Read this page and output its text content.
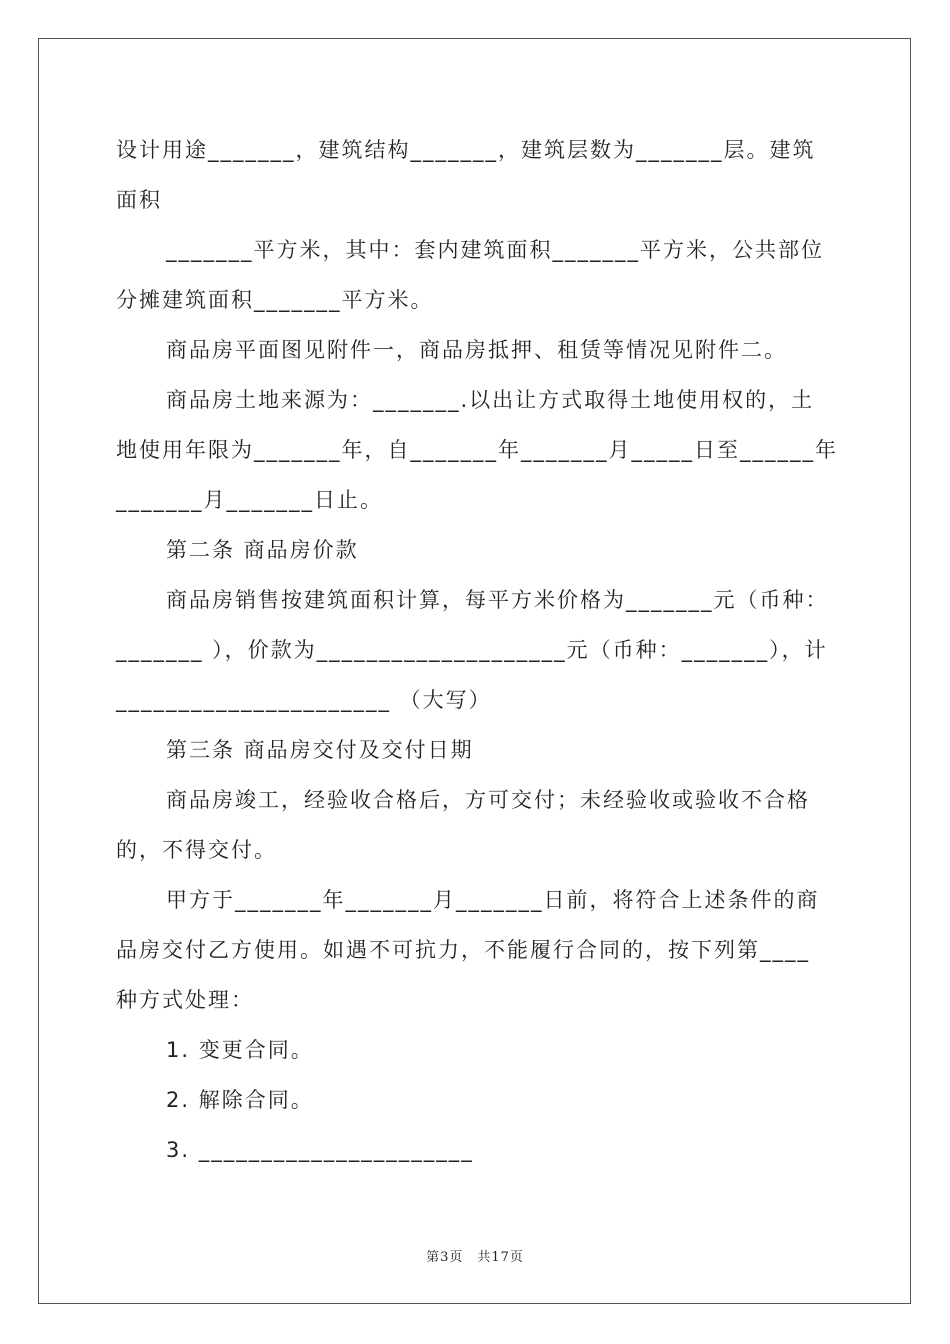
设计用途_______，建筑结构_______，建筑层数为_______层。建筑
面积
_______平方米，其中：套内建筑面积_______平方米，公共部位
分摊建筑面积_______平方米。
商品房平面图见附件一，商品房抵押、租赁等情况见附件二。
商品房土地来源为：_______.以出让方式取得土地使用权的，土
地使用年限为_______年，自_______年_______月_____日至______年
_______月_______日止。
第二条 商品房价款
商品房销售按建筑面积计算，每平方米价格为_______元（币种：
_______ ），价款为____________________元（币种：_______），计
______________________ （大写）
第三条 商品房交付及交付日期
商品房竣工，经验收合格后，方可交付；未经验收或验收不合格
的，不得交付。
甲方于_______年_______月_______日前，将符合上述条件的商
品房交付乙方使用。如遇不可抗力，不能履行合同的，按下列第____
种方式处理：
1. 变更合同。
2. 解除合同。
3. ______________________
第3页　共17页
